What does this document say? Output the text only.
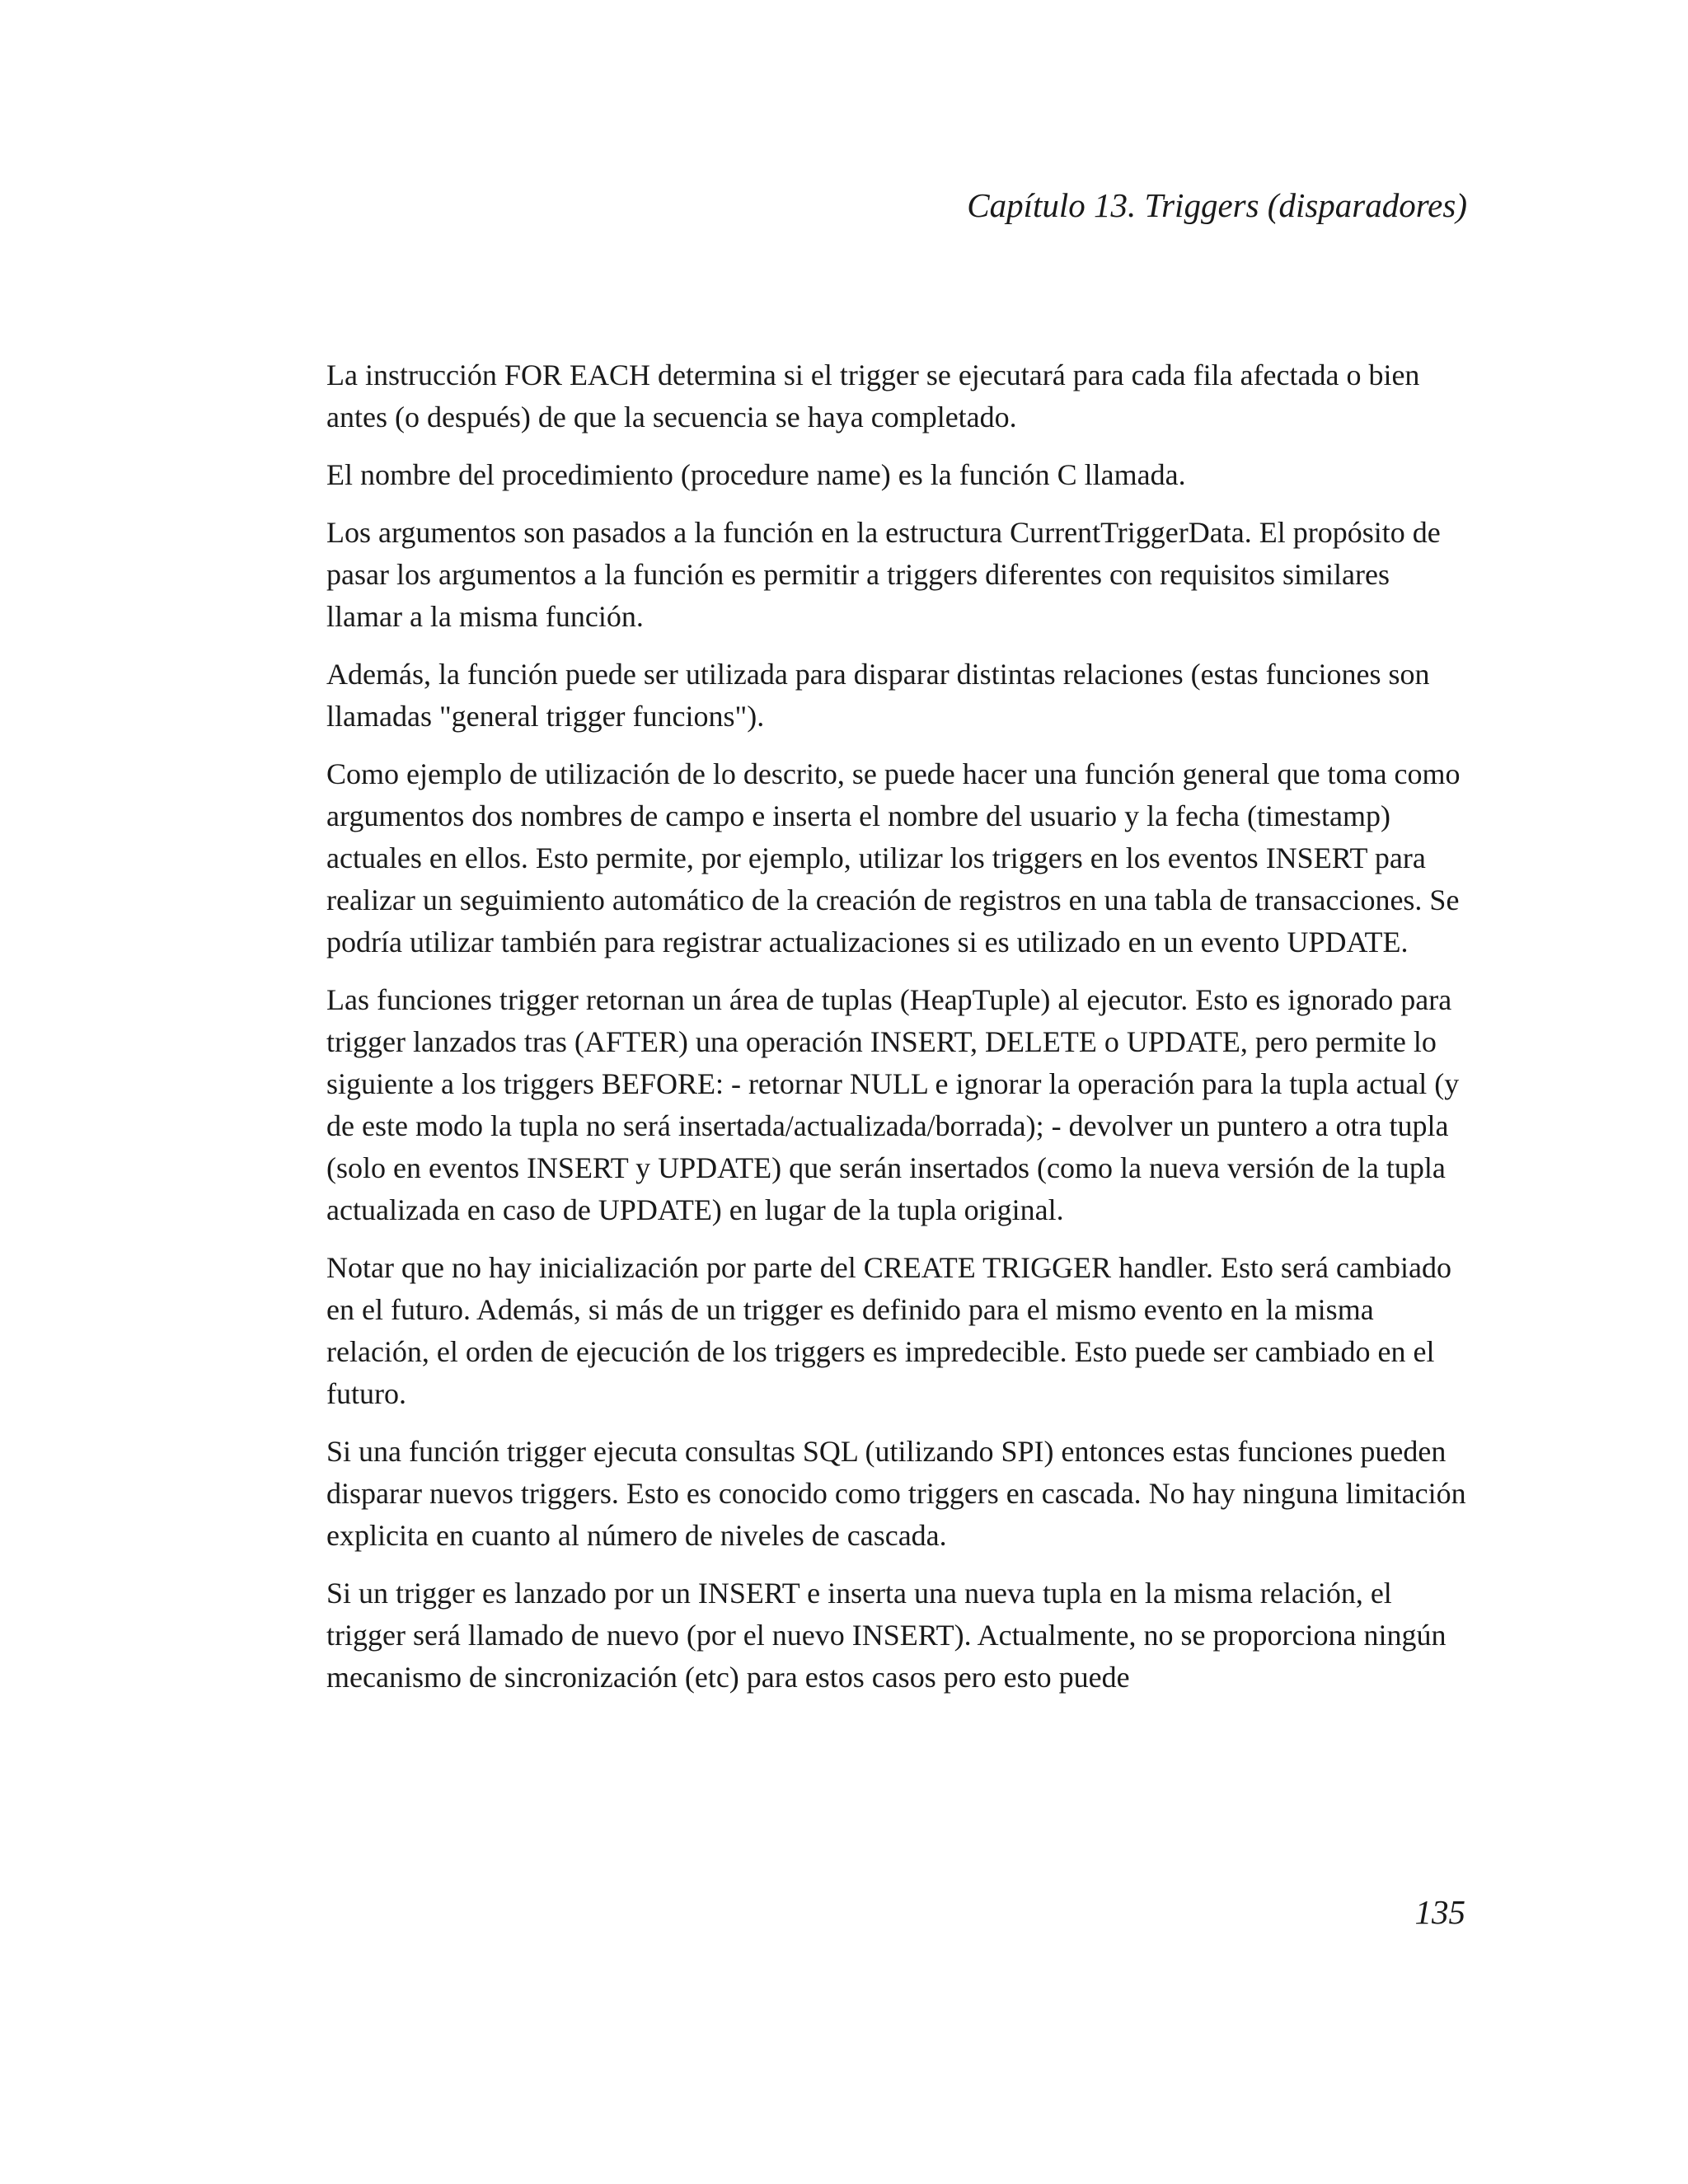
Capítulo 13. Triggers (disparadores)

La instrucción FOR EACH determina si el trigger se ejecutará para cada fila afectada o bien antes (o después) de que la secuencia se haya completado.

El nombre del procedimiento (procedure name) es la función C llamada.

Los argumentos son pasados a la función en la estructura CurrentTriggerData. El propósito de pasar los argumentos a la función es permitir a triggers diferentes con requisitos similares llamar a la misma función.

Además, la función puede ser utilizada para disparar distintas relaciones (estas funciones son llamadas "general trigger funcions").

Como ejemplo de utilización de lo descrito, se puede hacer una función general que toma como argumentos dos nombres de campo e inserta el nombre del usuario y la fecha (timestamp) actuales en ellos. Esto permite, por ejemplo, utilizar los triggers en los eventos INSERT para realizar un seguimiento automático de la creación de registros en una tabla de transacciones. Se podría utilizar también para registrar actualizaciones si es utilizado en un evento UPDATE.

Las funciones trigger retornan un área de tuplas (HeapTuple) al ejecutor. Esto es ignorado para trigger lanzados tras (AFTER) una operación INSERT, DELETE o UPDATE, pero permite lo siguiente a los triggers BEFORE: - retornar NULL e ignorar la operación para la tupla actual (y de este modo la tupla no será insertada/actualizada/borrada); - devolver un puntero a otra tupla (solo en eventos INSERT y UPDATE) que serán insertados (como la nueva versión de la tupla actualizada en caso de UPDATE) en lugar de la tupla original.

Notar que no hay inicialización por parte del CREATE TRIGGER handler. Esto será cambiado en el futuro. Además, si más de un trigger es definido para el mismo evento en la misma relación, el orden de ejecución de los triggers es impredecible. Esto puede ser cambiado en el futuro.

Si una función trigger ejecuta consultas SQL (utilizando SPI) entonces estas funciones pueden disparar nuevos triggers. Esto es conocido como triggers en cascada. No hay ninguna limitación explicita en cuanto al número de niveles de cascada.

Si un trigger es lanzado por un INSERT e inserta una nueva tupla en la misma relación, el trigger será llamado de nuevo (por el nuevo INSERT). Actualmente, no se proporciona ningún mecanismo de sincronización (etc) para estos casos pero esto puede

135
